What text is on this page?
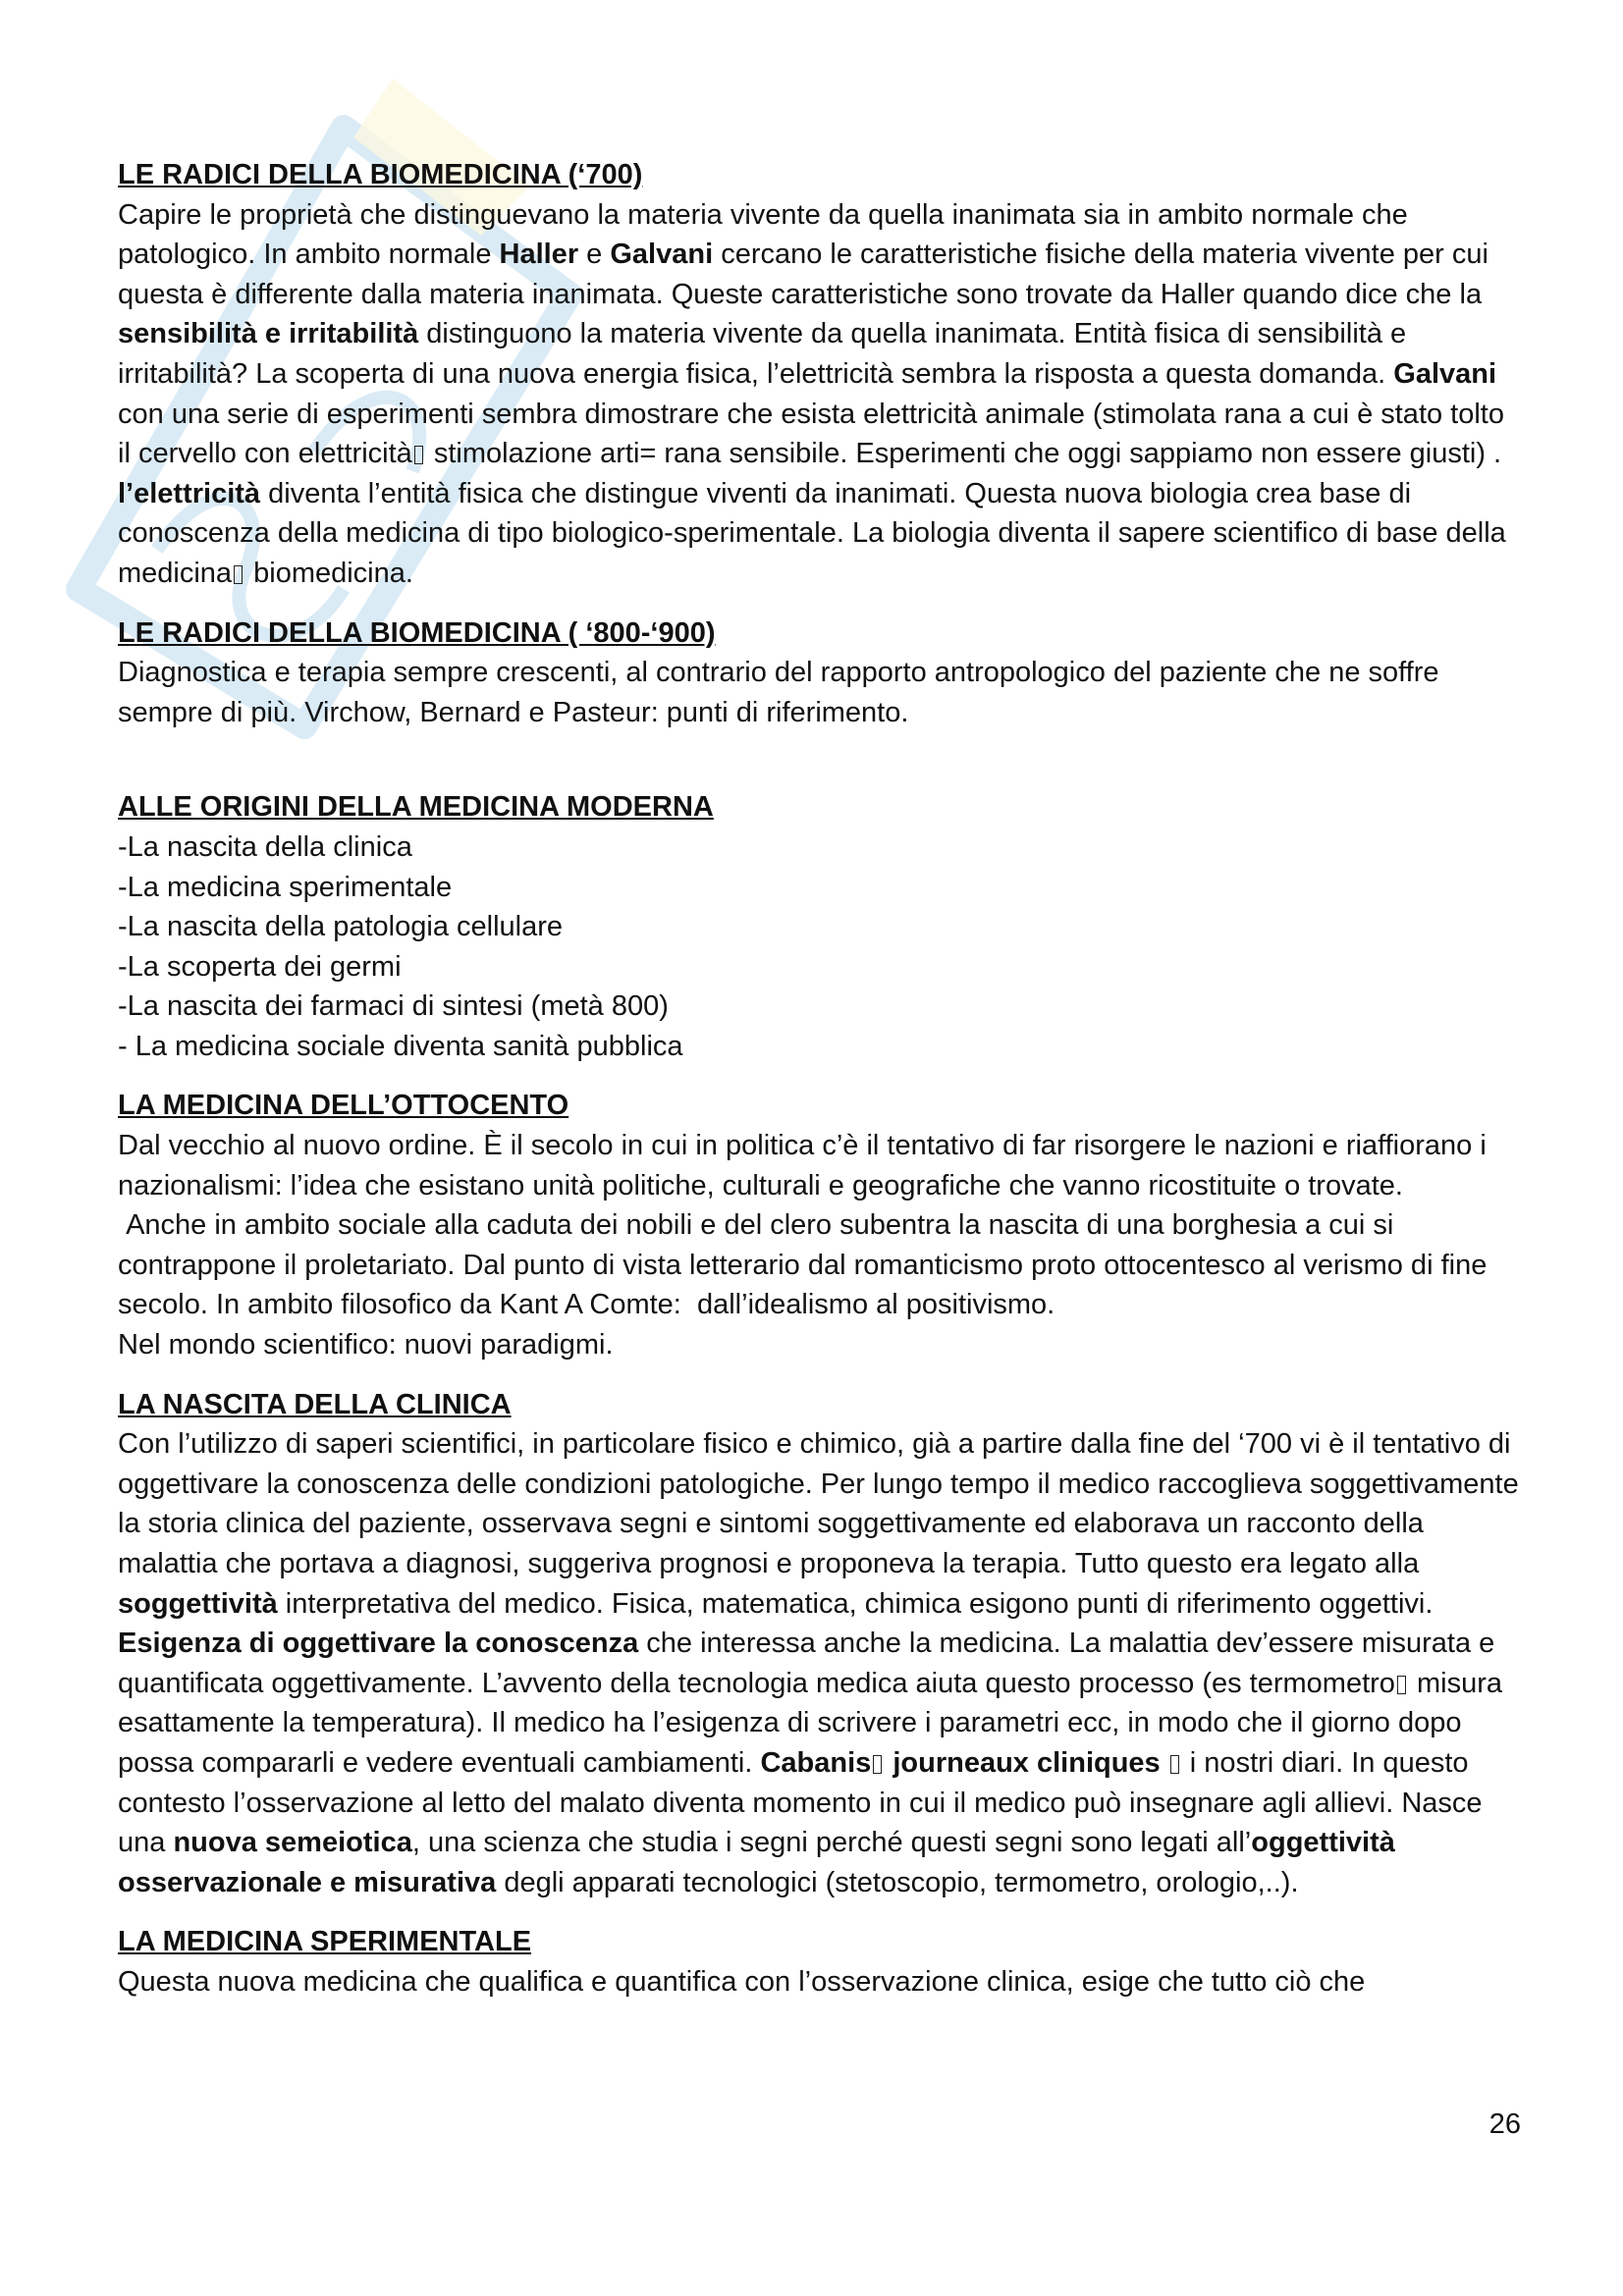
LE RADICI DELLA BIOMEDICINA (‘700)

Capire le proprietà che distinguevano la materia vivente da quella inanimata sia in ambito normale che patologico. In ambito normale Haller e Galvani cercano le caratteristiche fisiche della materia vivente per cui questa è differente dalla materia inanimata. Queste caratteristiche sono trovate da Haller quando dice che la sensibilità e irritabilità distinguono la materia vivente da quella inanimata. Entità fisica di sensibilità e irritabilità? La scoperta di una nuova energia fisica, l’elettricità sembra la risposta a questa domanda. Galvani con una serie di esperimenti sembra dimostrare che esista elettricità animale (stimolata rana a cui è stato tolto il cervello con elettricità stimolazione arti= rana sensibile. Esperimenti che oggi sappiamo non essere giusti) . l’elettricità diventa l’entità fisica che distingue viventi da inanimati. Questa nuova biologia crea base di conoscenza della medicina di tipo biologico-sperimentale. La biologia diventa il sapere scientifico di base della medicina biomedicina.

LE RADICI DELLA BIOMEDICINA ( ‘800-‘900)

Diagnostica e terapia sempre crescenti, al contrario del rapporto antropologico del paziente che ne soffre sempre di più. Virchow, Bernard e Pasteur: punti di riferimento.

ALLE ORIGINI DELLA MEDICINA MODERNA

-La nascita della clinica

-La medicina sperimentale

-La nascita della patologia cellulare

-La scoperta dei germi

-La nascita dei farmaci di sintesi (metà 800)

- La medicina sociale diventa sanità pubblica

LA MEDICINA DELL’OTTOCENTO

Dal vecchio al nuovo ordine. È il secolo in cui in politica c’è il tentativo di far risorgere le nazioni e riaffiorano i nazionalismi: l’idea che esistano unità politiche, culturali e geografiche che vanno ricostituite o trovate.

Anche in ambito sociale alla caduta dei nobili e del clero subentra la nascita di una borghesia a cui si contrappone il proletariato. Dal punto di vista letterario dal romanticismo proto ottocentesco al verismo di fine secolo. In ambito filosofico da Kant A Comte:  dall’idealismo al positivismo.

Nel mondo scientifico: nuovi paradigmi.

LA NASCITA DELLA CLINICA

Con l’utilizzo di saperi scientifici, in particolare fisico e chimico, già a partire dalla fine del ‘700 vi è il tentativo di oggettivare la conoscenza delle condizioni patologiche. Per lungo tempo il medico raccoglieva soggettivamente la storia clinica del paziente, osservava segni e sintomi soggettivamente ed elaborava un racconto della malattia che portava a diagnosi, suggeriva prognosi e proponeva la terapia. Tutto questo era legato alla soggettività interpretativa del medico. Fisica, matematica, chimica esigono punti di riferimento oggettivi. Esigenza di oggettivare la conoscenza che interessa anche la medicina. La malattia dev’essere misurata e quantificata oggettivamente. L’avvento della tecnologia medica aiuta questo processo (es termometro misura esattamente la temperatura). Il medico ha l’esigenza di scrivere i parametri ecc, in modo che il giorno dopo possa compararli e vedere eventuali cambiamenti. Cabanis journeaux cliniques  i nostri diari. In questo contesto l’osservazione al letto del malato diventa momento in cui il medico può insegnare agli allievi. Nasce una nuova semeiotica, una scienza che studia i segni perché questi segni sono legati all’oggettività osservazionale e misurativa degli apparati tecnologici (stetoscopio, termometro, orologio,..).

LA MEDICINA SPERIMENTALE

Questa nuova medicina che qualifica e quantifica con l’osservazione clinica, esige che tutto ciò che

26
